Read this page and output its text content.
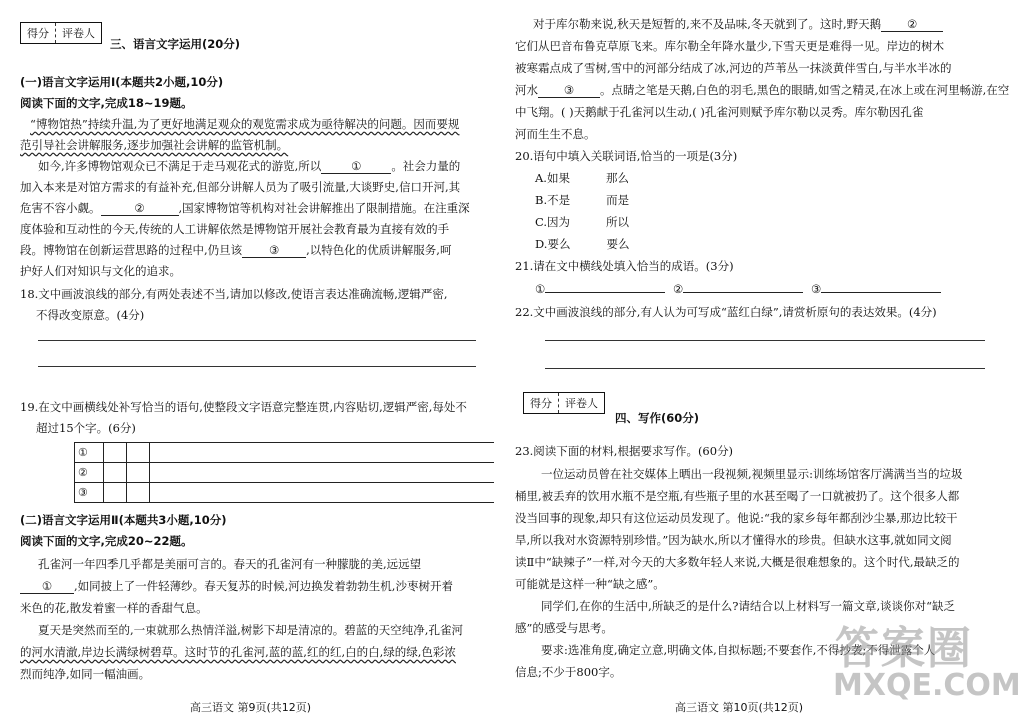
得分	评卷人
三、语言文字运用(20分)
(一)语言文字运用Ⅰ(本题共2小题,10分)
阅读下面的文字,完成18~19题。
“博物馆热”持续升温,为了更好地满足观众的观览需求成为亟待解决的问题。因而要规
范引导社会讲解服务,逐步加强社会讲解的监管机制。
如今,许多博物馆观众已不满足于走马观花式的游览,所以	①	。社会力量的
加入本来是对馆方需求的有益补充,但部分讲解人员为了吸引流量,大谈野史,信口开河,其
危害不容小觑。	②	,国家博物馆等机构对社会讲解推出了限制措施。在注重深
度体验和互动性的今天,传统的人工讲解依然是博物馆开展社会教育最为直接有效的手
段。博物馆在创新运营思路的过程中,仍旦该 ③ ,以特色化的优质讲解服务,呵
护好人们对知识与文化的追求。
18.文中画波浪线的部分,有两处表述不当,请加以修改,使语言表达准确流畅,逻辑严密,
不得改变原意。(4分)
19.在文中画横线处补写恰当的语句,使整段文字语意完整连贯,内容贴切,逻辑严密,每处不
超过15个字。(6分)
①			
②			
③			
(二)语言文字运用Ⅱ(本题共3小题,10分)
阅读下面的文字,完成20~22题。
孔雀河一年四季几乎都是美丽可言的。春天的孔雀河有一种朦胧的美,远远望
① ,如同披上了一件轻薄纱。春天复苏的时候,河边换发着勃勃生机,沙枣树开着
米色的花,散发着蜜一样的香甜气息。
夏天是突然而至的,一束就那么热情洋溢,树影下却是清凉的。碧蓝的天空纯净,孔雀河
的河水清澈,岸边长满绿树碧草。这时节的孔雀河,蓝的蓝,红的红,白的白,绿的绿,色彩浓
烈而纯净,如同一幅油画。
高三语文 第9页(共12页)
对于库尔勒来说,秋天是短暂的,来不及品味,冬天就到了。这时,野天鹅 ②
它们从巴音布鲁克草原飞来。库尔勒全年降水量少,下雪天更是难得一见。岸边的树木
被寒霜点成了雪树,雪中的河部分结成了冰,河边的芦苇丛一抹淡黄伴雪白,与半水半冰的
河水 ③ 。点睛之笔是天鹅,白色的羽毛,黑色的眼睛,如雪之精灵,在冰上或在河里畅游,在空
中飞翔。( )天鹅献于孔雀河以生动,( )孔雀河则赋予库尔勒以灵秀。库尔勒因孔雀
河而生生不息。
20.语句中填入关联词语,恰当的一项是(3分)
A.如果	那么
B.不是	而是
C.因为	所以
D.要么	要么
21.请在文中横线处填入恰当的成语。(3分)
①	②	③
22.文中画波浪线的部分,有人认为可写成“蓝红白绿”,请赏析原句的表达效果。(4分)
得分	评卷人
四、写作(60分)
23.阅读下面的材料,根据要求写作。(60分)
一位运动员曾在社交媒体上晒出一段视频,视频里显示:训练场馆客厅满满当当的垃圾
桶里,被丢弃的饮用水瓶不是空瓶,有些瓶子里的水甚至喝了一口就被扔了。这个很多人都
没当回事的现象,却只有这位运动员发现了。他说:“我的家乡每年都刮沙尘暴,那边比较干
旱,所以我对水资源特别珍惜。”因为缺水,所以才懂得水的珍贵。但缺水这事,就如同文阅
读Ⅱ中“缺辣子”一样,对今天的大多数年轻人来说,大概是很难想象的。这个时代,最缺乏的
可能就是这样一种“缺之感”。
同学们,在你的生活中,所缺乏的是什么?请结合以上材料写一篇文章,谈谈你对“缺乏
感”的感受与思考。
要求:选准角度,确定立意,明确文体,自拟标题;不要套作,不得抄袭;不得泄露个人
信息;不少于800字。
高三语文 第10页(共12页)
答案圈
MXQE.COM
